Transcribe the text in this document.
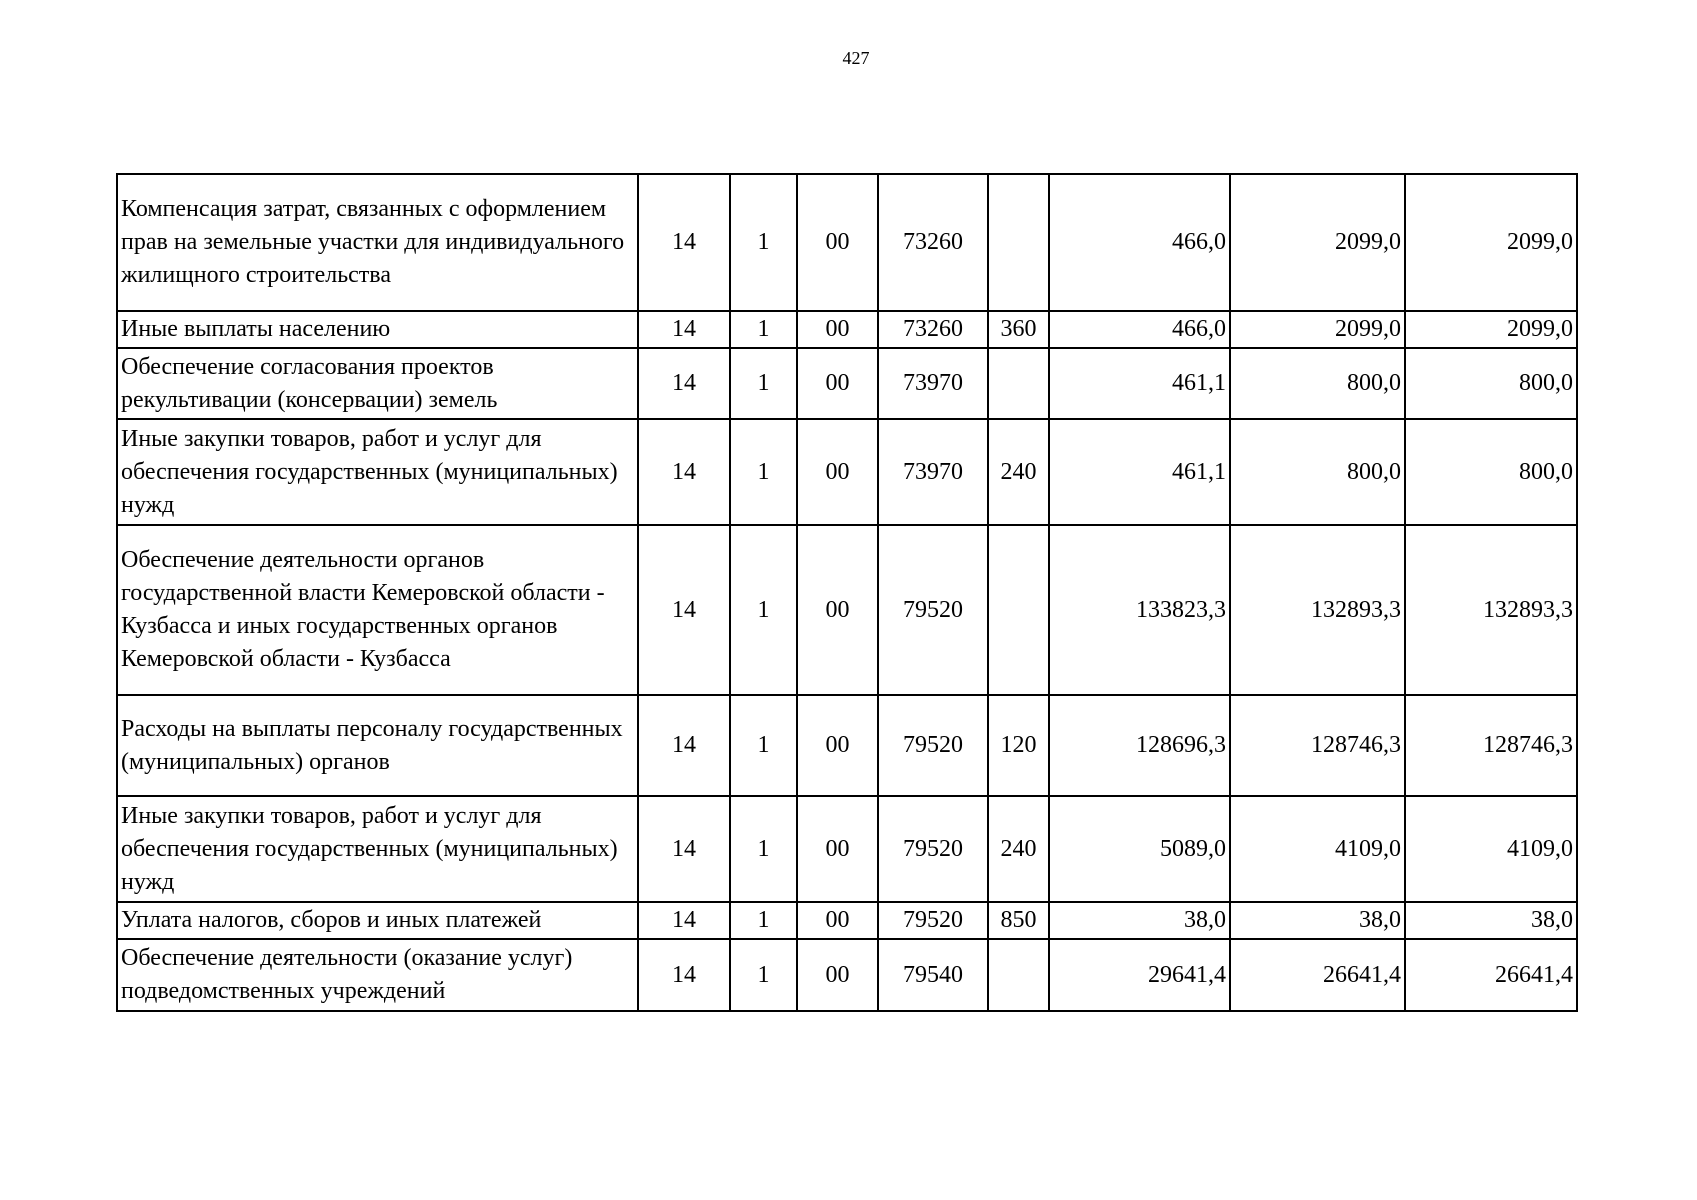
427
Компенсация затрат, связанных с оформлением прав на земельные участки для индивидуального жилищного строительства	14	1	00	73260		466,0	2099,0	2099,0
Иные выплаты населению	14	1	00	73260	360	466,0	2099,0	2099,0
Обеспечение согласования проектов рекультивации (консервации) земель	14	1	00	73970		461,1	800,0	800,0
Иные закупки товаров, работ и услуг для обеспечения государственных (муниципальных) нужд	14	1	00	73970	240	461,1	800,0	800,0
Обеспечение деятельности органов государственной власти Кемеровской области - Кузбасса и иных государственных органов Кемеровской области - Кузбасса	14	1	00	79520		133823,3	132893,3	132893,3
Расходы на выплаты персоналу государственных (муниципальных) органов	14	1	00	79520	120	128696,3	128746,3	128746,3
Иные закупки товаров, работ и услуг для обеспечения государственных (муниципальных) нужд	14	1	00	79520	240	5089,0	4109,0	4109,0
Уплата налогов, сборов и иных платежей	14	1	00	79520	850	38,0	38,0	38,0
Обеспечение деятельности (оказание услуг) подведомственных учреждений	14	1	00	79540		29641,4	26641,4	26641,4
